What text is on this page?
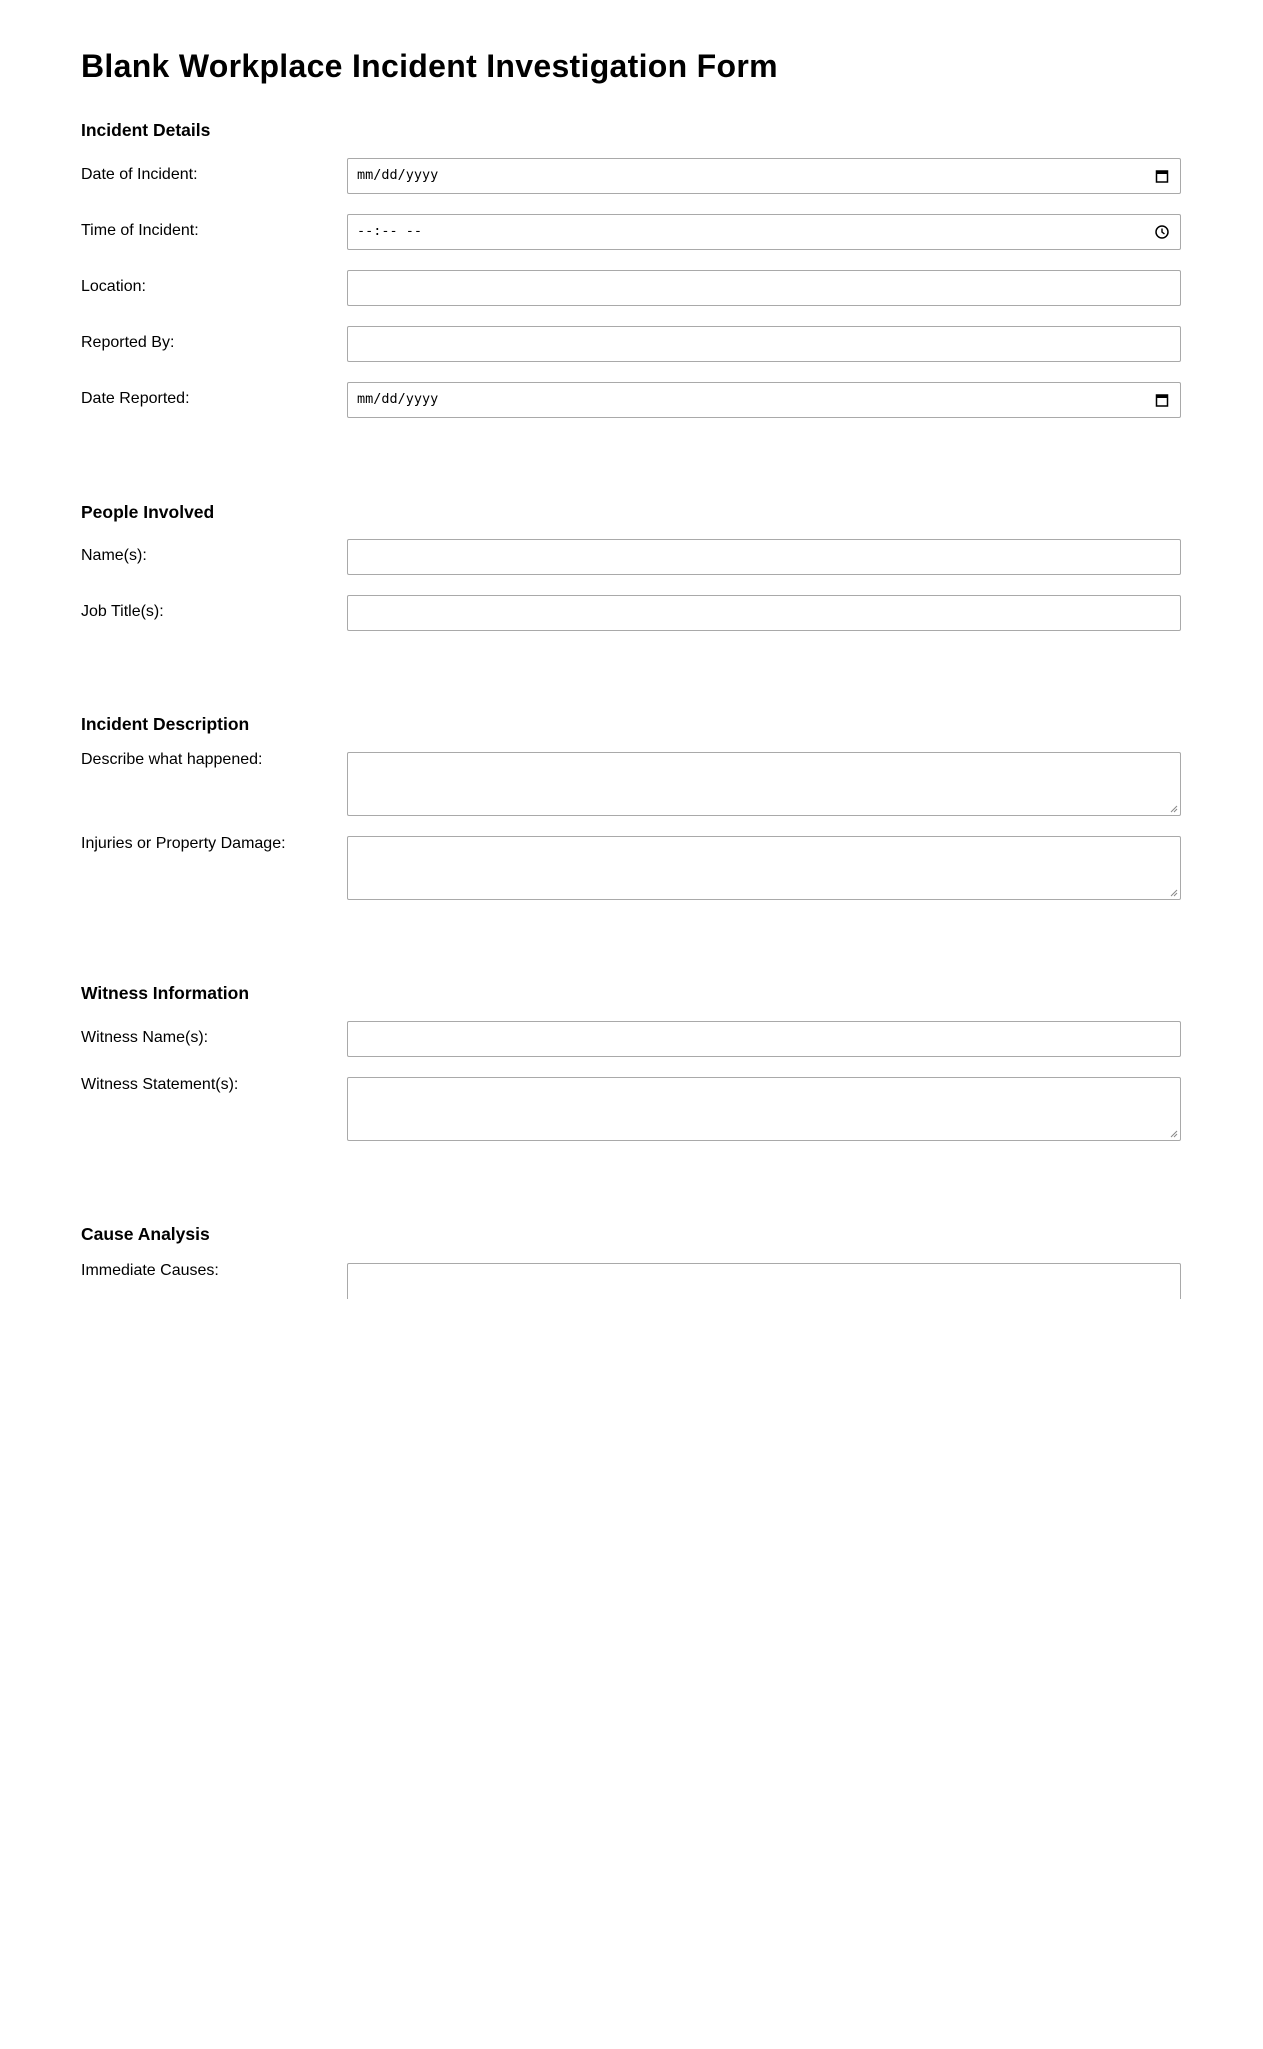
Blank Workplace Incident Investigation Form
Incident Details
Date of Incident:	mm/dd/yyyy
Time of Incident:	--:-- --
Location:
Reported By:
Date Reported:	mm/dd/yyyy
People Involved
Name(s):
Job Title(s):
Incident Description
Describe what happened:
Injuries or Property Damage:
Witness Information
Witness Name(s):
Witness Statement(s):
Cause Analysis
Immediate Causes:
